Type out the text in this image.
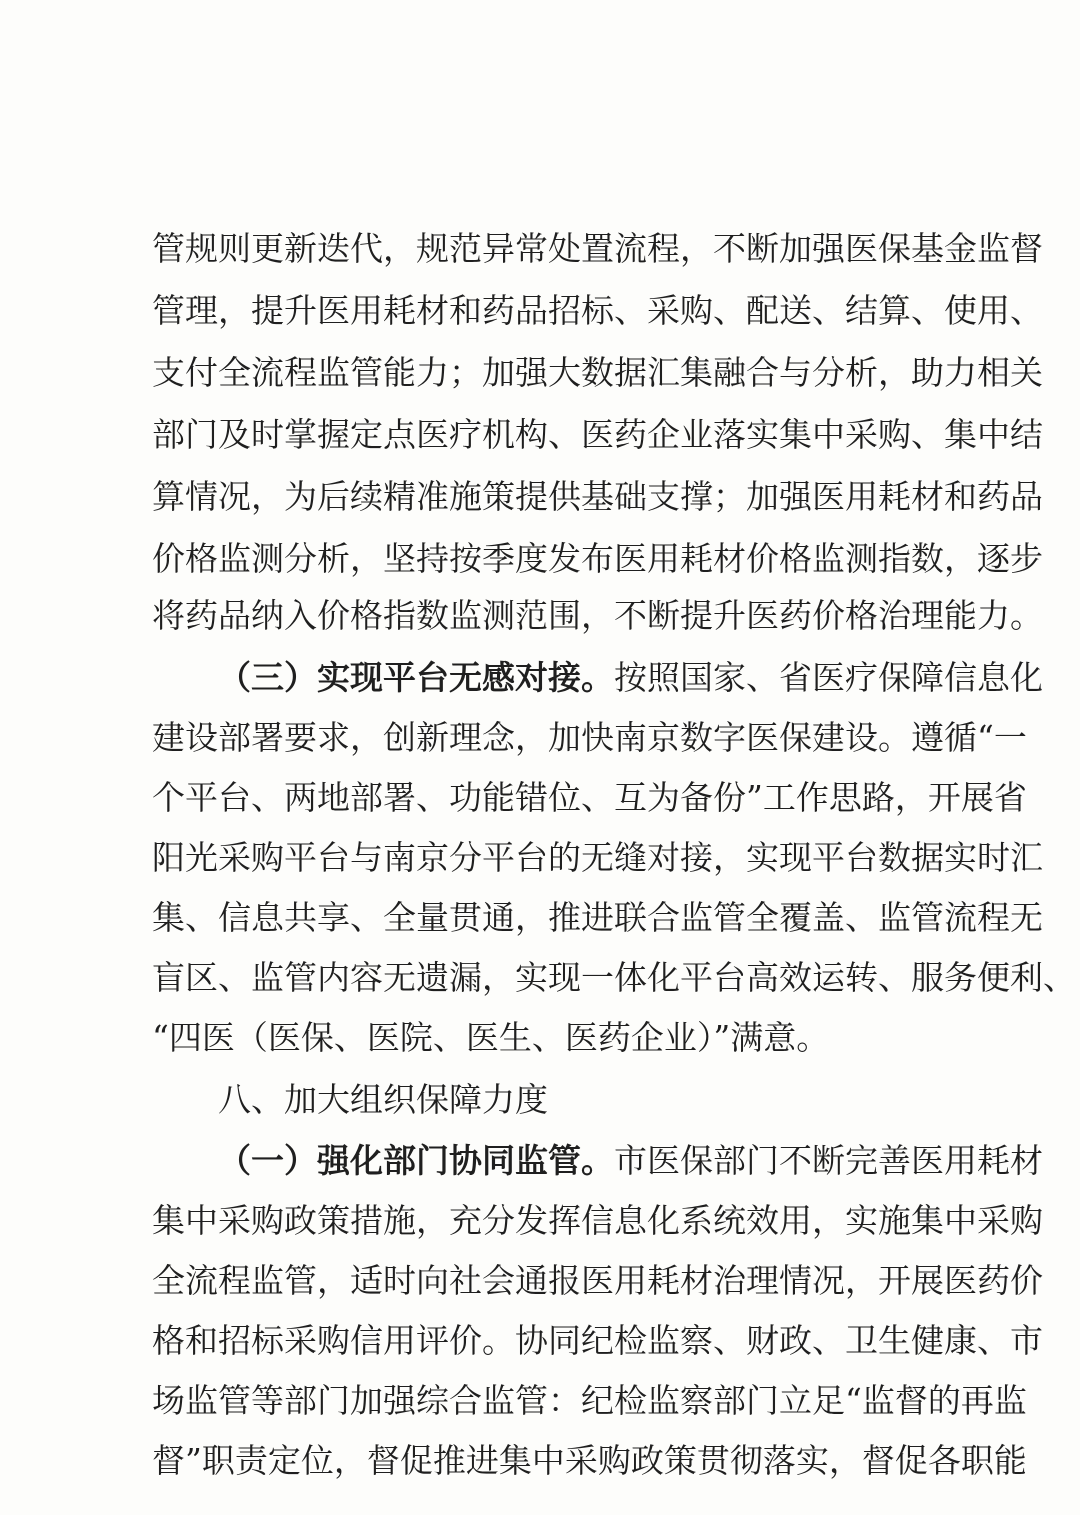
管规则更新迭代，规范异常处置流程，不断加强医保基金监督
管理，提升医用耗材和药品招标、采购、配送、结算、使用、
支付全流程监管能力；加强大数据汇集融合与分析，助力相关
部门及时掌握定点医疗机构、医药企业落实集中采购、集中结
算情况，为后续精准施策提供基础支撑；加强医用耗材和药品
价格监测分析，坚持按季度发布医用耗材价格监测指数，逐步
将药品纳入价格指数监测范围，不断提升医药价格治理能力。
（三）实现平台无感对接。按照国家、省医疗保障信息化
建设部署要求，创新理念，加快南京数字医保建设。遵循“一
个平台、两地部署、功能错位、互为备份”工作思路，开展省
阳光采购平台与南京分平台的无缝对接，实现平台数据实时汇
集、信息共享、全量贯通，推进联合监管全覆盖、监管流程无
盲区、监管内容无遗漏，实现一体化平台高效运转、服务便利、
“四医（医保、医院、医生、医药企业）”满意。
八、加大组织保障力度
（一）强化部门协同监管。市医保部门不断完善医用耗材
集中采购政策措施，充分发挥信息化系统效用，实施集中采购
全流程监管，适时向社会通报医用耗材治理情况，开展医药价
格和招标采购信用评价。协同纪检监察、财政、卫生健康、市
场监管等部门加强综合监管：纪检监察部门立足“监督的再监
督”职责定位，督促推进集中采购政策贯彻落实，督促各职能
